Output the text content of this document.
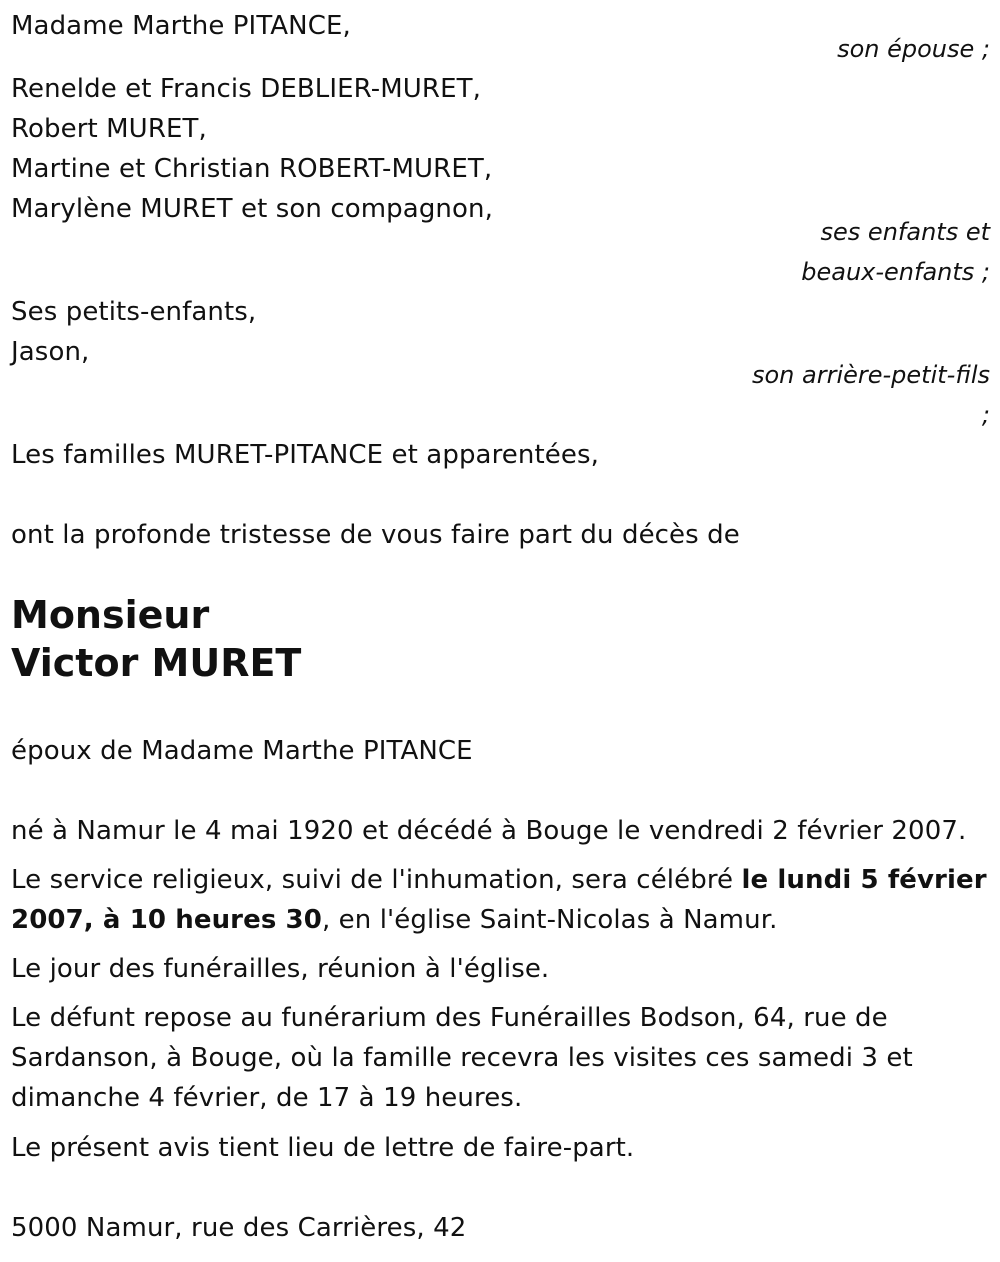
Madame Marthe PITANCE,
son épouse ;
Renelde et Francis DEBLIER-MURET,
Robert MURET,
Martine et Christian ROBERT-MURET,
Marylène MURET et son compagnon,
ses enfants et
beaux-enfants ;
Ses petits-enfants,
Jason,
son arrière-petit-fils
;
Les familles MURET-PITANCE et apparentées,
ont la profonde tristesse de vous faire part du décès de
Monsieur
Victor MURET
époux de Madame Marthe PITANCE
né à Namur le 4 mai 1920 et décédé à Bouge le vendredi 2 février 2007.
Le service religieux, suivi de l'inhumation, sera célébré le lundi 5 février
2007, à 10 heures 30, en l'église Saint-Nicolas à Namur.
Le jour des funérailles, réunion à l'église.
Le défunt repose au funérarium des Funérailles Bodson, 64, rue de
Sardanson, à Bouge, où la famille recevra les visites ces samedi 3 et
dimanche 4 février, de 17 à 19 heures.
Le présent avis tient lieu de lettre de faire-part.
5000 Namur, rue des Carrières, 42
